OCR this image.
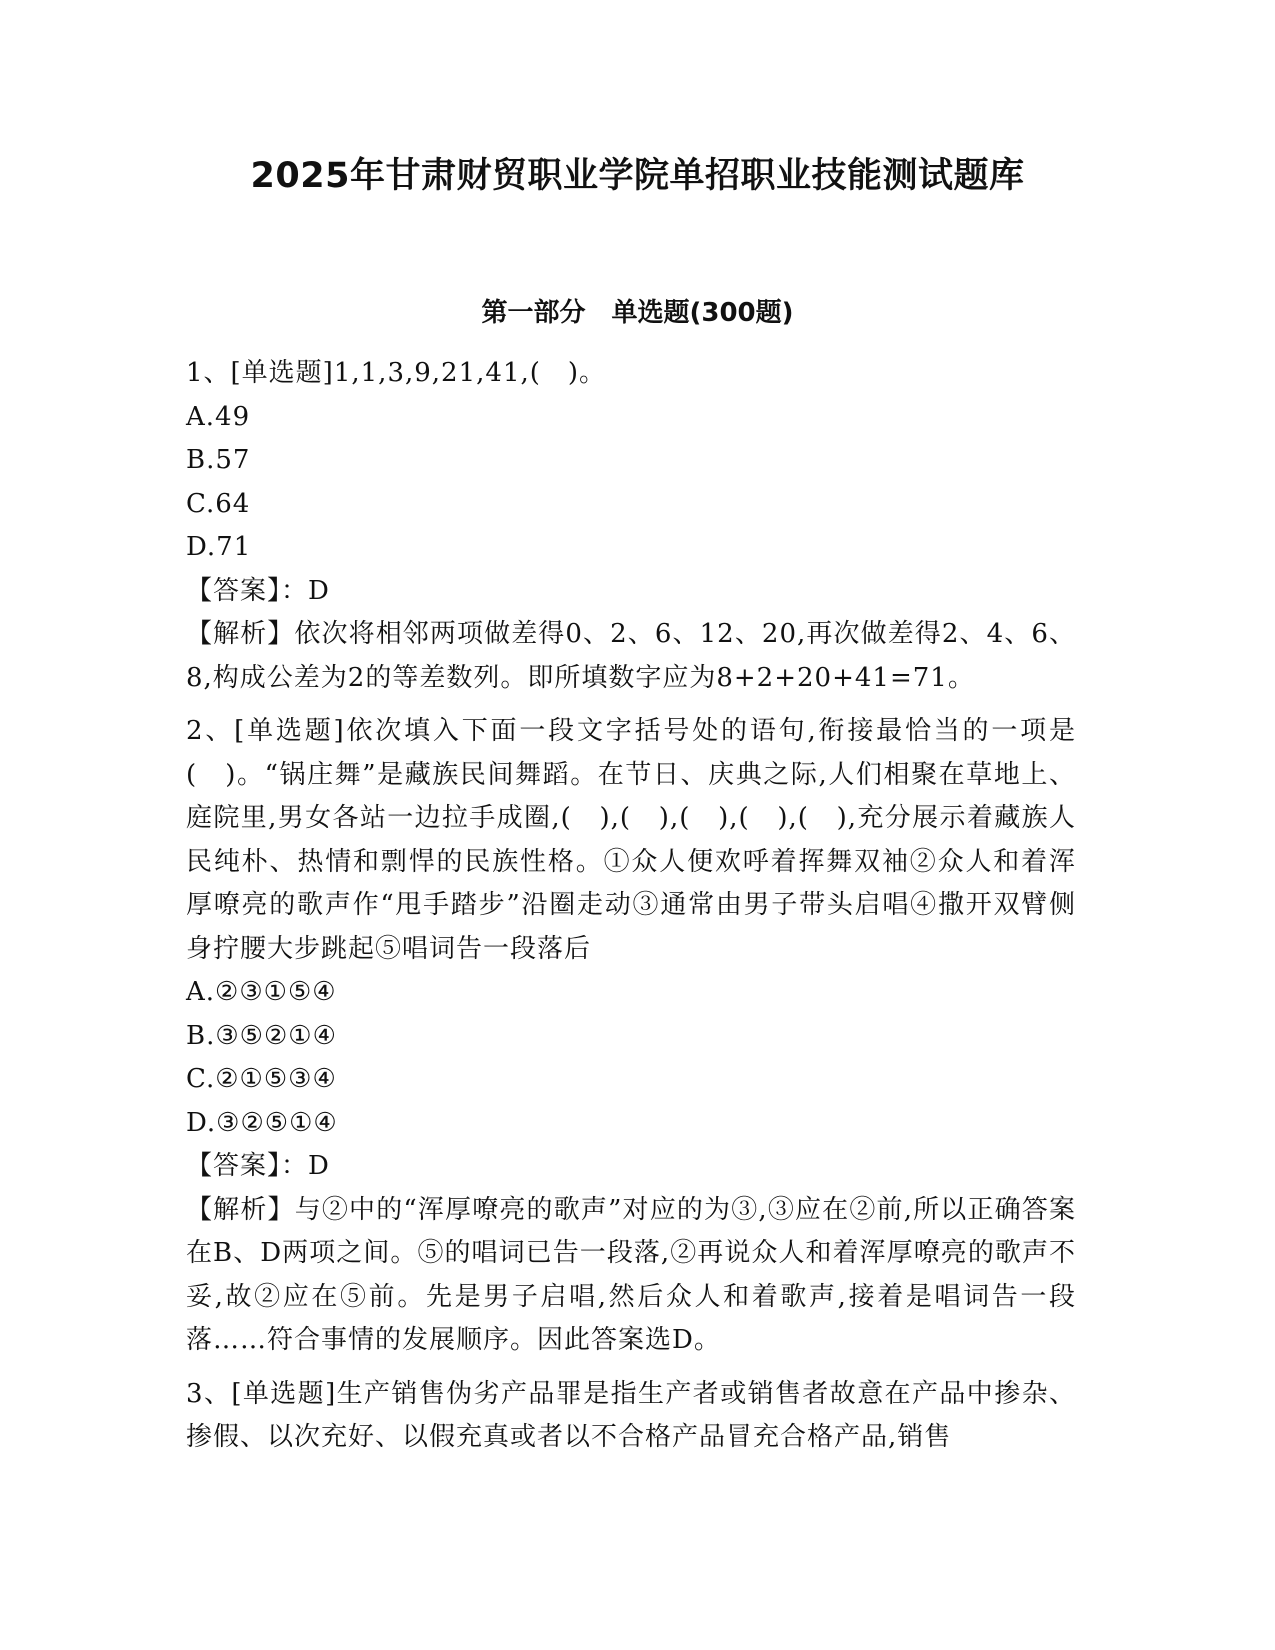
2025年甘肃财贸职业学院单招职业技能测试题库
第一部分　单选题(300题)

1、[单选题]1,1,3,9,21,41,(　)。

A.49

B.57

C.64

D.71

【答案】：D

【解析】依次将相邻两项做差得0、2、6、12、20,再次做差得2、4、6、8,构成公差为2的等差数列。即所填数字应为8+2+20+41=71。

2、[单选题]依次填入下面一段文字括号处的语句,衔接最恰当的一项是(　)。“锅庄舞”是藏族民间舞蹈。在节日、庆典之际,人们相聚在草地上、庭院里,男女各站一边拉手成圈,(　),(　),(　),(　),(　),充分展示着藏族人民纯朴、热情和剽悍的民族性格。①众人便欢呼着挥舞双袖②众人和着浑厚嘹亮的歌声作“甩手踏步”沿圈走动③通常由男子带头启唱④撒开双臂侧身拧腰大步跳起⑤唱词告一段落后

A.②③①⑤④

B.③⑤②①④

C.②①⑤③④

D.③②⑤①④

【答案】：D

【解析】与②中的“浑厚嘹亮的歌声”对应的为③,③应在②前,所以正确答案在B、D两项之间。⑤的唱词已告一段落,②再说众人和着浑厚嘹亮的歌声不妥,故②应在⑤前。先是男子启唱,然后众人和着歌声,接着是唱词告一段落……符合事情的发展顺序。因此答案选D。

3、[单选题]生产销售伪劣产品罪是指生产者或销售者故意在产品中掺杂、掺假、以次充好、以假充真或者以不合格产品冒充合格产品,销售
